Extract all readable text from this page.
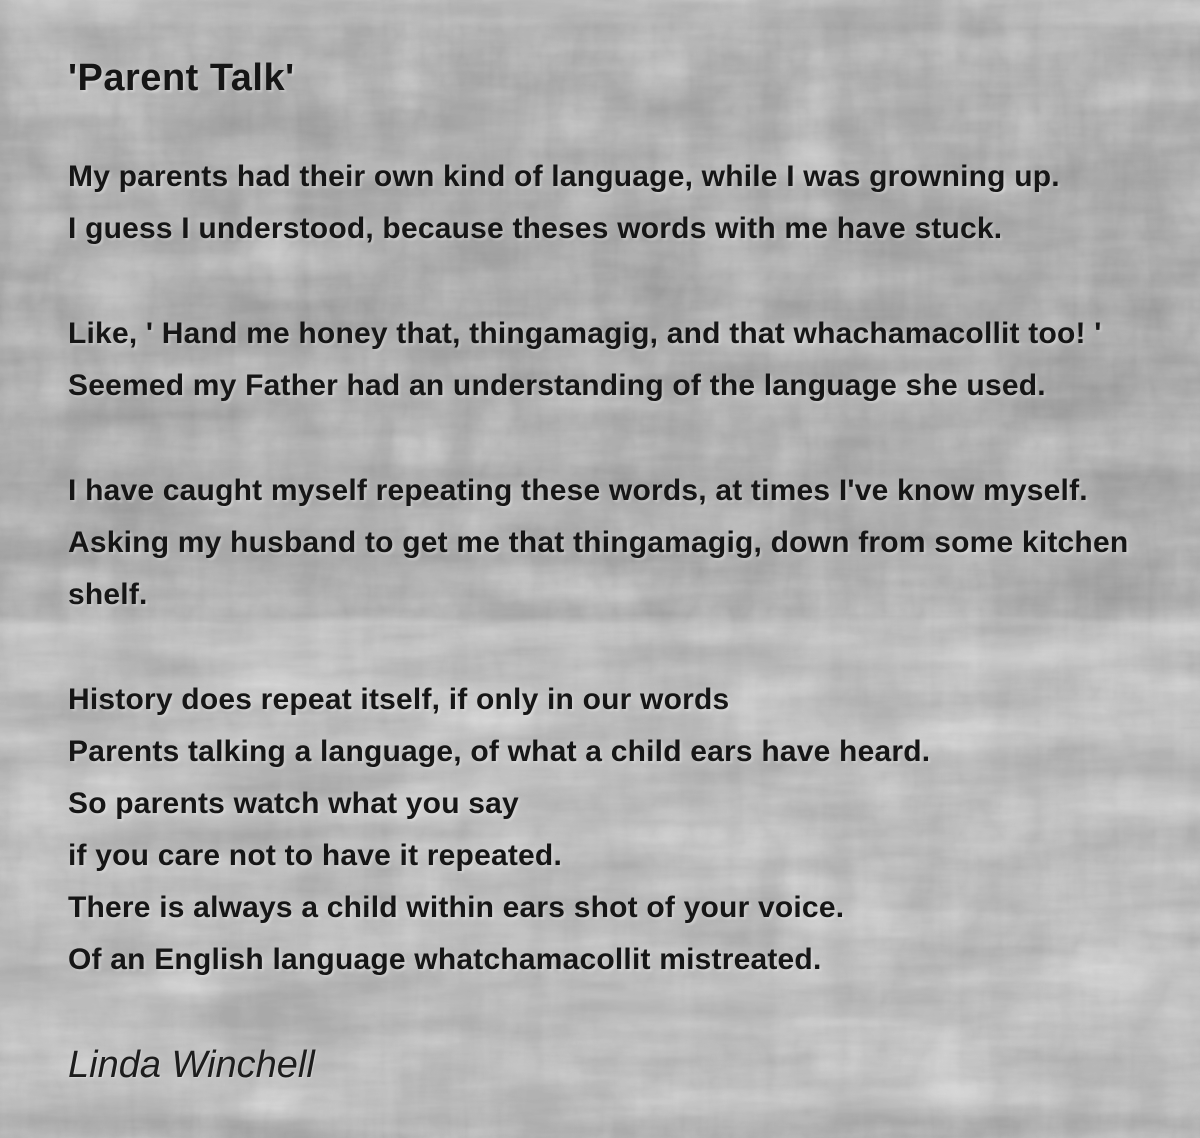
'Parent Talk'

My parents had their own kind of language, while I was growning up.
I guess I understood, because theses words with me have stuck.

Like, ' Hand me honey that, thingamagig, and that whachamacollit too! '
Seemed my Father had an understanding of the language she used.

I have caught myself repeating these words, at times I've know myself.
Asking my husband to get me that thingamagig, down from some kitchen
shelf.

History does repeat itself, if only in our words
Parents talking a language, of what a child ears have heard.
So parents watch what you say
if you care not to have it repeated.
There is always a child within ears shot of your voice.
Of an English language whatchamacollit mistreated.

Linda Winchell
